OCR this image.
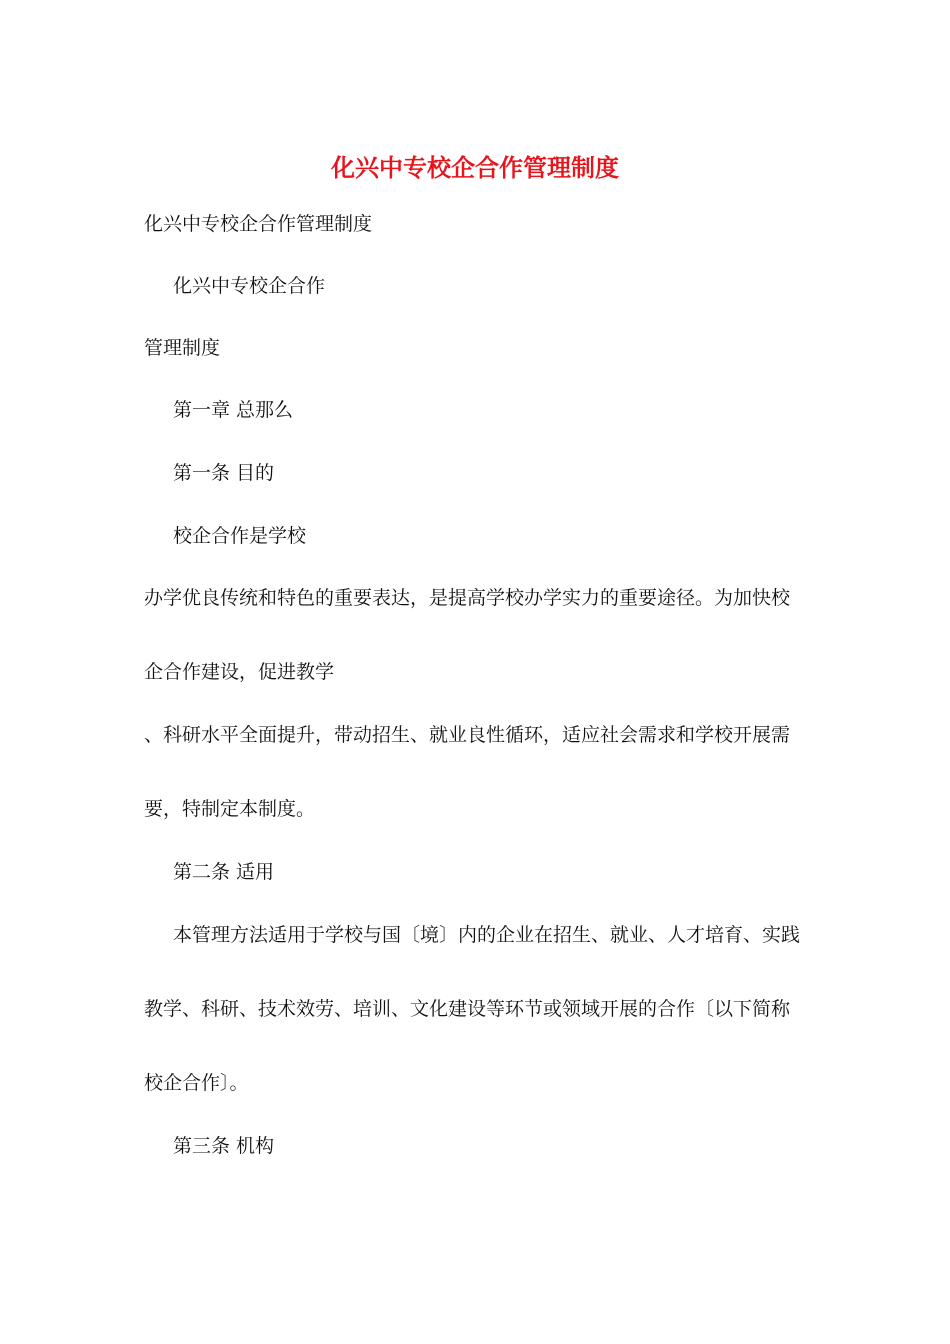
化兴中专校企合作管理制度
化兴中专校企合作管理制度
化兴中专校企合作
管理制度
第一章 总那么
第一条 目的
校企合作是学校
办学优良传统和特色的重要表达，是提高学校办学实力的重要途径。为加快校
企合作建设，促进教学
、科研水平全面提升，带动招生、就业良性循环，适应社会需求和学校开展需
要，特制定本制度。
第二条 适用
本管理方法适用于学校与国〔境〕内的企业在招生、就业、人才培育、实践
教学、科研、技术效劳、培训、文化建设等环节或领域开展的合作〔以下简称
校企合作〕。
第三条 机构
